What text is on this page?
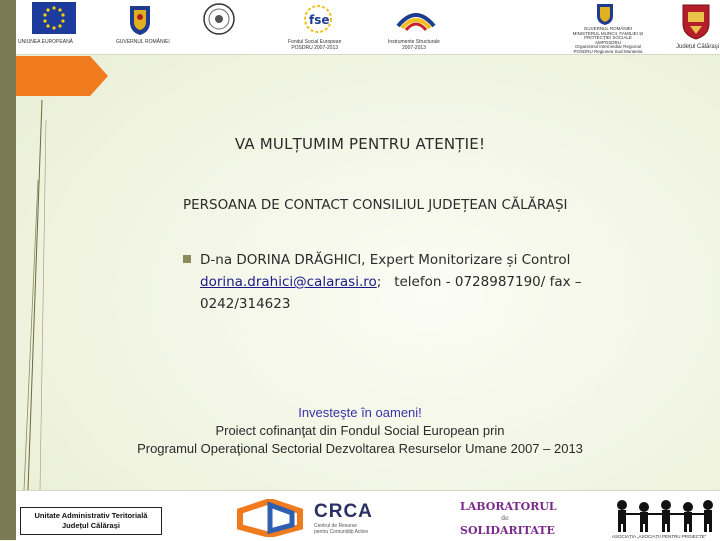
UNIUNEA EUROPEANĂ	GUVERNUL ROMÂNIEI
fse
Fondul Social European
POSDRU 2007-2013
Instrumente Structurale
2007-2013
GUVERNUL ROMÂNIEI
MINISTERUL MUNCII, FAMILIEI ȘI
PROTECȚIEI SOCIALE
AMPOSDRU
Organismul Intermediar Regional
POSDRU Regiunea Sud-Muntenia
Județul Călăraşi
VA MULȚUMIM PENTRU ATENȚIE!
PERSOANA DE CONTACT CONSILIUL JUDEȚEAN CĂLĂRAȘI
D-na DORINA DRĂGHICI, Expert Monitorizare și Control
dorina.drahici@calarasi.ro; telefon - 0728987190/ fax –
0242/314623
Investeşte în oameni!
Proiect cofinanţat din Fondul Social European prin
Programul Operaţional Sectorial Dezvoltarea Resurselor Umane 2007 – 2013
Unitate Administrativ Teritorială
Județul Călărași
CRCA
Centrul de Resurse
pentru Comunități Active
LABORATORUL
de
SOLIDARITATE	ASOCIAȚIA „ASOCIAȚII PENTRU PROIECTE”
